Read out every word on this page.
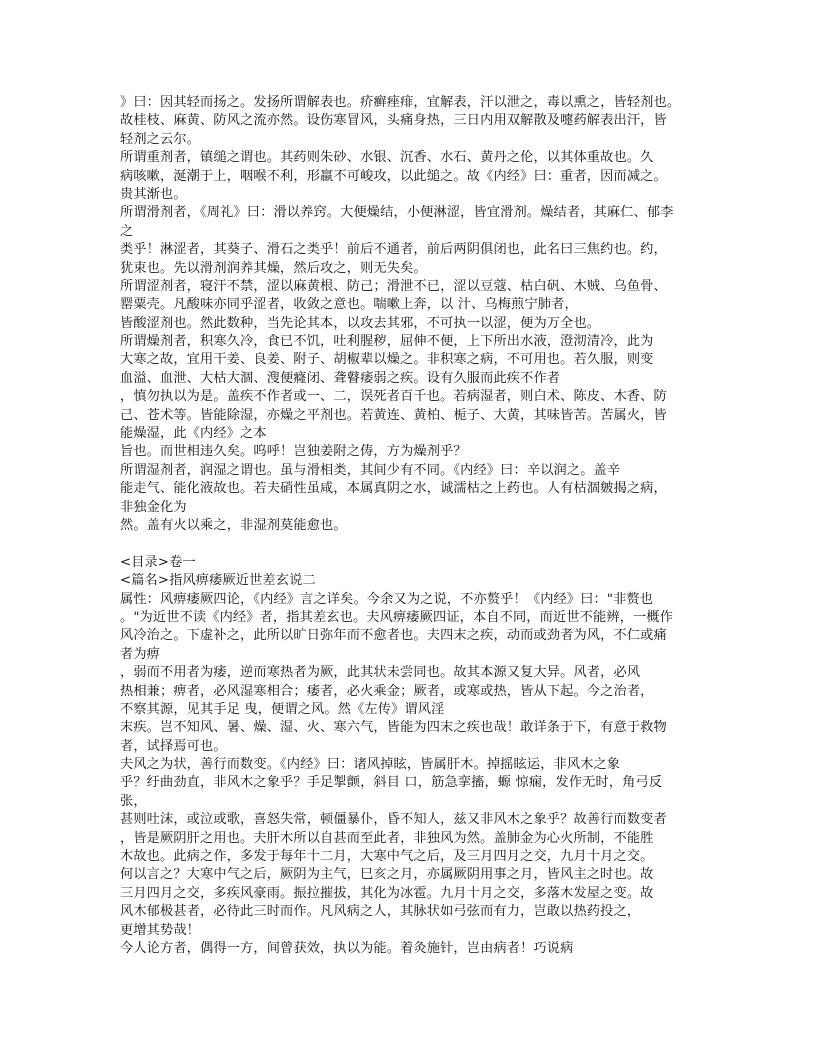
》曰：因其轻而扬之。发扬所谓解表也。疥癣痤痱，宜解表，汗以泄之，毒以熏之，皆轻剂也。
故桂枝、麻黄、防风之流亦然。设伤寒冒风，头痛身热，三日内用双解散及嚏药解表出汗，皆
轻剂之云尔。
所谓重剂者，镇缒之谓也。其药则朱砂、水银、沉香、水石、黄丹之伦，以其体重故也。久
病咳嗽，涎潮于上，咽喉不利，形羸不可峻攻，以此缒之。故《内经》曰：重者，因而减之。
贵其渐也。
所谓滑剂者，《周礼》曰：滑以养窍。大便燥结，小便淋涩，皆宜滑剂。燥结者，其麻仁、郁李
之
类乎！淋涩者，其葵子、滑石之类乎！前后不通者，前后两阴俱闭也，此名曰三焦约也。约，
犹束也。先以滑剂润养其燥，然后攻之，则无失矣。
所谓涩剂者，寝汗不禁，涩以麻黄根、防己；滑泄不已，涩以豆蔻、枯白矾、木贼、乌鱼骨、
罂粟壳。凡酸味亦同乎涩者，收敛之意也。喘嗽上奔，以 汁、乌梅煎宁肺者，
皆酸涩剂也。然此数种，当先论其本，以攻去其邪，不可执一以涩，便为万全也。
所谓燥剂者，积寒久冷，食已不饥，吐利腥秽，屈伸不便，上下所出水液，澄沏清冷，此为
大寒之故，宜用干姜、良姜、附子、胡椒辈以燥之。非积寒之病，不可用也。若久服，则变
血溢、血泄、大枯大涸、溲便癃闭、聋瞽痿弱之疾。设有久服而此疾不作者
，慎勿执以为是。盖疾不作者或一、二，误死者百千也。若病湿者，则白术、陈皮、木香、防
己、苍术等。皆能除湿，亦燥之平剂也。若黄连、黄柏、栀子、大黄，其味皆苦。苦属火，皆
能燥湿，此《内经》之本
旨也。而世相违久矣。呜呼！岂独姜附之俦，方为燥剂乎？
所谓湿剂者，润湿之谓也。虽与滑相类，其间少有不同。《内经》曰：辛以润之。盖辛
能走气、能化液故也。若夫硝性虽咸，本属真阴之水，诚濡枯之上药也。人有枯涸皴揭之病，
非独金化为
然。盖有火以乘之，非湿剂莫能愈也。
<目录>卷一
<篇名>指风痹痿厥近世差玄说二
属性：风痹痿厥四论，《内经》言之详矣。今余又为之说，不亦赘乎！《内经》曰："非赘也
。"为近世不读《内经》者，指其差玄也。夫风痹痿厥四证，本自不同，而近世不能辨，一概作
风冷治之。下虚补之，此所以旷日弥年而不愈者也。夫四末之疾，动而或劲者为风，不仁或痛
者为痹
，弱而不用者为痿，逆而寒热者为厥，此其状未尝同也。故其本源又复大异。风者，必风
热相兼；痹者，必风湿寒相合；痿者，必火乘金；厥者，或寒或热，皆从下起。今之治者，
不察其源，见其手足 曳，便谓之风。然《左传》谓风淫
末疾。岂不知风、暑、燥、湿、火、寒六气，皆能为四末之疾也哉！敢详条于下，有意于救物
者，试择焉可也。
夫风之为状，善行而数变。《内经》曰：诸风掉眩，皆属肝木。掉摇眩运，非风木之象
乎？纡曲劲直，非风木之象乎？手足掣颤，斜目 口，筋急挛搐，螈 惊痫，发作无时，角弓反
张，
甚则吐沫，或泣或歌，喜怒失常，顿僵暴仆，昏不知人，兹又非风木之象乎？故善行而数变者
，皆是厥阴肝之用也。夫肝木所以自甚而至此者，非独风为然。盖肺金为心火所制，不能胜
木故也。此病之作，多发于每年十二月，大寒中气之后，及三月四月之交，九月十月之交。
何以言之？大寒中气之后，厥阴为主气，巳亥之月，亦属厥阴用事之月，皆风主之时也。故
三月四月之交，多疾风豪雨。振拉摧拔，其化为冰雹。九月十月之交，多落木发屋之变。故
风木郁极甚者，必待此三时而作。凡风病之人，其脉状如弓弦而有力，岂敢以热药投之，
更增其势哉！
今人论方者，偶得一方，间曾获效，执以为能。着灸施针，岂由病者！巧说病
